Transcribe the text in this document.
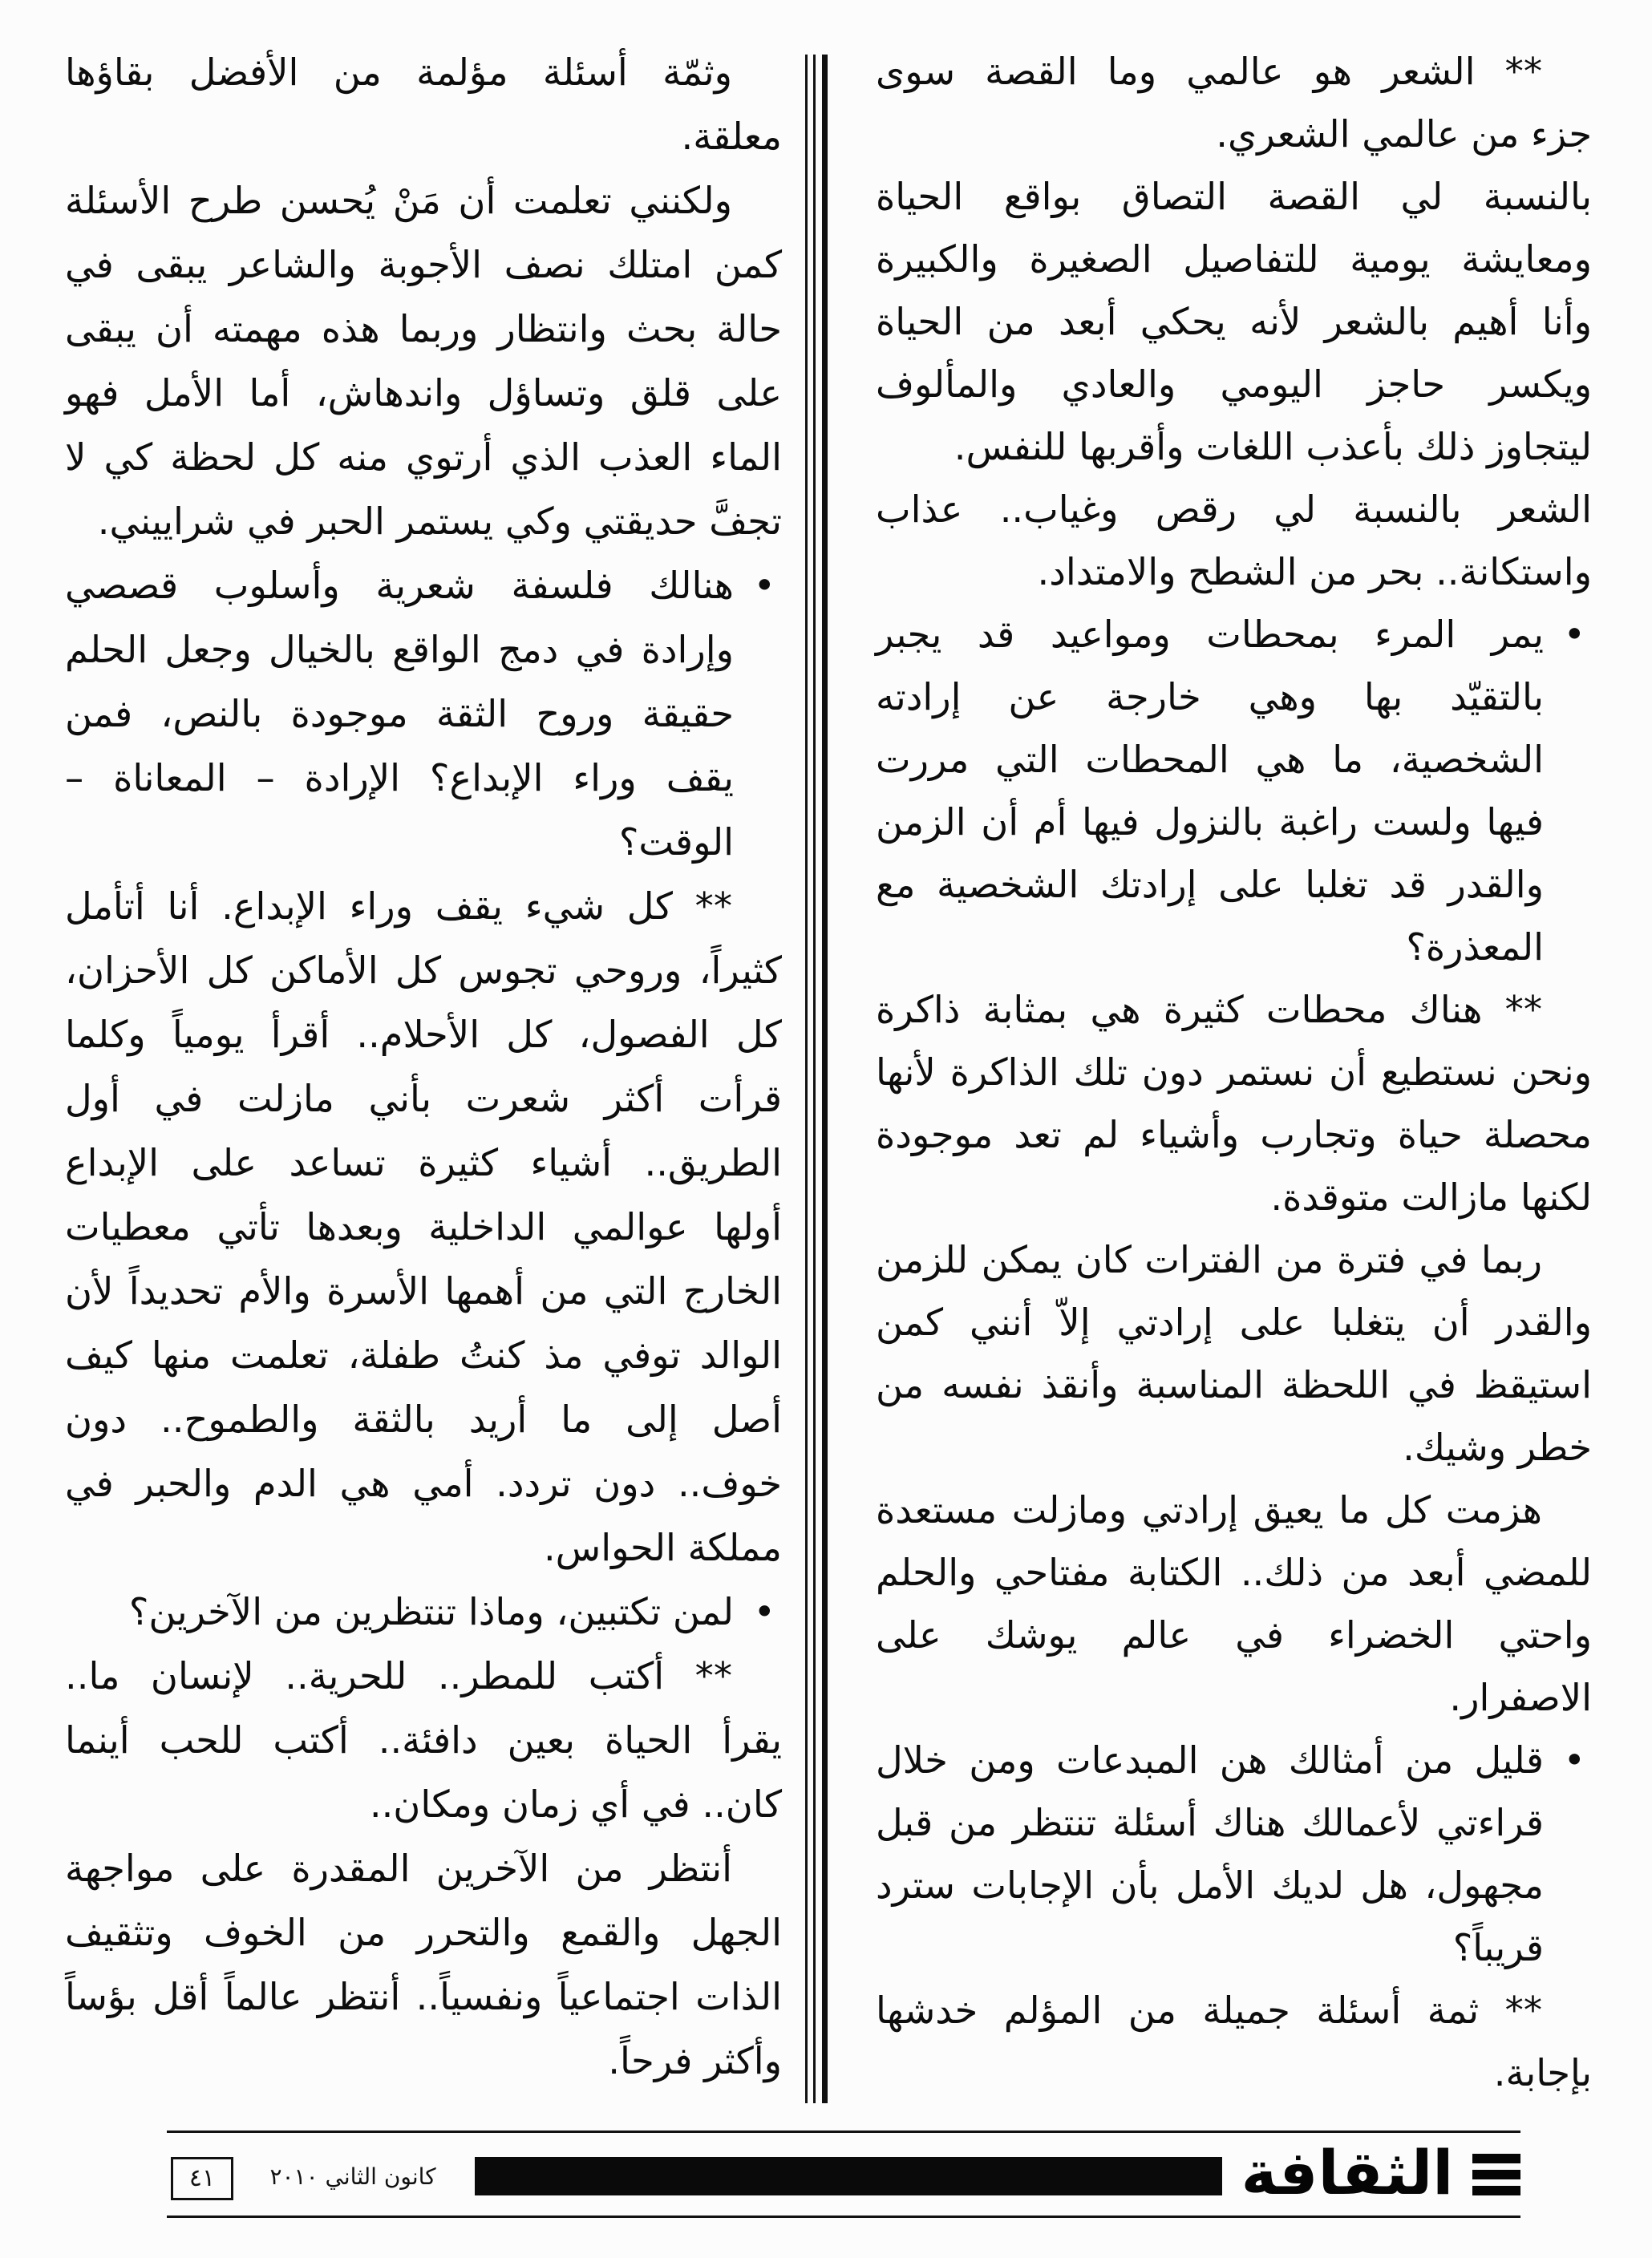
** الشعر هو عالمي وما القصة سوى
جزء من عالمي الشعري.
بالنسبة لي القصة التصاق بواقع الحياة
ومعايشة يومية للتفاصيل الصغيرة والكبيرة
وأنا أهيم بالشعر لأنه يحكي أبعد من الحياة
ويكسر حاجز اليومي والعادي والمألوف
ليتجاوز ذلك بأعذب اللغات وأقربها للنفس.
الشعر بالنسبة لي رقص وغياب.. عذاب
واستكانة.. بحر من الشطح والامتداد.
•
يمر المرء بمحطات ومواعيد قد يجبر
بالتقيّد بها وهي خارجة عن إرادته
الشخصية، ما هي المحطات التي مررت
فيها ولست راغبة بالنزول فيها أم أن الزمن
والقدر قد تغلبا على إرادتك الشخصية مع
المعذرة؟
** هناك محطات كثيرة هي بمثابة ذاكرة
ونحن نستطيع أن نستمر دون تلك الذاكرة لأنها
محصلة حياة وتجارب وأشياء لم تعد موجودة
لكنها مازالت متوقدة.
ربما في فترة من الفترات كان يمكن للزمن
والقدر أن يتغلبا على إرادتي إلاّ أنني كمن
استيقظ في اللحظة المناسبة وأنقذ نفسه من
خطر وشيك.
هزمت كل ما يعيق إرادتي ومازلت مستعدة
للمضي أبعد من ذلك.. الكتابة مفتاحي والحلم
واحتي الخضراء في عالم يوشك على
الاصفرار.
•
قليل من أمثالك هن المبدعات ومن خلال
قراءتي لأعمالك هناك أسئلة تنتظر من قبل
مجهول، هل لديك الأمل بأن الإجابات سترد
قريباً؟
** ثمة أسئلة جميلة من المؤلم خدشها
بإجابة.
وثمّة أسئلة مؤلمة من الأفضل بقاؤها
معلقة.
ولكنني تعلمت أن مَنْ يُحسن طرح الأسئلة
كمن امتلك نصف الأجوبة والشاعر يبقى في
حالة بحث وانتظار وربما هذه مهمته أن يبقى
على قلق وتساؤل واندهاش، أما الأمل فهو
الماء العذب الذي أرتوي منه كل لحظة كي لا
تجفَّ حديقتي وكي يستمر الحبر في شراييني.
•
هنالك فلسفة شعرية وأسلوب قصصي
وإرادة في دمج الواقع بالخيال وجعل الحلم
حقيقة وروح الثقة موجودة بالنص، فمن
يقف وراء الإبداع؟ الإرادة – المعاناة –
الوقت؟
** كل شيء يقف وراء الإبداع. أنا أتأمل
كثيراً، وروحي تجوس كل الأماكن كل الأحزان،
كل الفصول، كل الأحلام.. أقرأ يومياً وكلما
قرأت أكثر شعرت بأني مازلت في أول
الطريق.. أشياء كثيرة تساعد على الإبداع
أولها عوالمي الداخلية وبعدها تأتي معطيات
الخارج التي من أهمها الأسرة والأم تحديداً لأن
الوالد توفي مذ كنتُ طفلة، تعلمت منها كيف
أصل إلى ما أريد بالثقة والطموح.. دون
خوف.. دون تردد. أمي هي الدم والحبر في
مملكة الحواس.
•
لمن تكتبين، وماذا تنتظرين من الآخرين؟
** أكتب للمطر.. للحرية.. لإنسان ما..
يقرأ الحياة بعين دافئة.. أكتب للحب أينما
كان.. في أي زمان ومكان..
أنتظر من الآخرين المقدرة على مواجهة
الجهل والقمع والتحرر من الخوف وتثقيف
الذات اجتماعياً ونفسياً.. أنتظر عالماً أقل بؤساً
وأكثر فرحاً.
الثقافة
كانون الثاني ٢٠١٠
٤١
